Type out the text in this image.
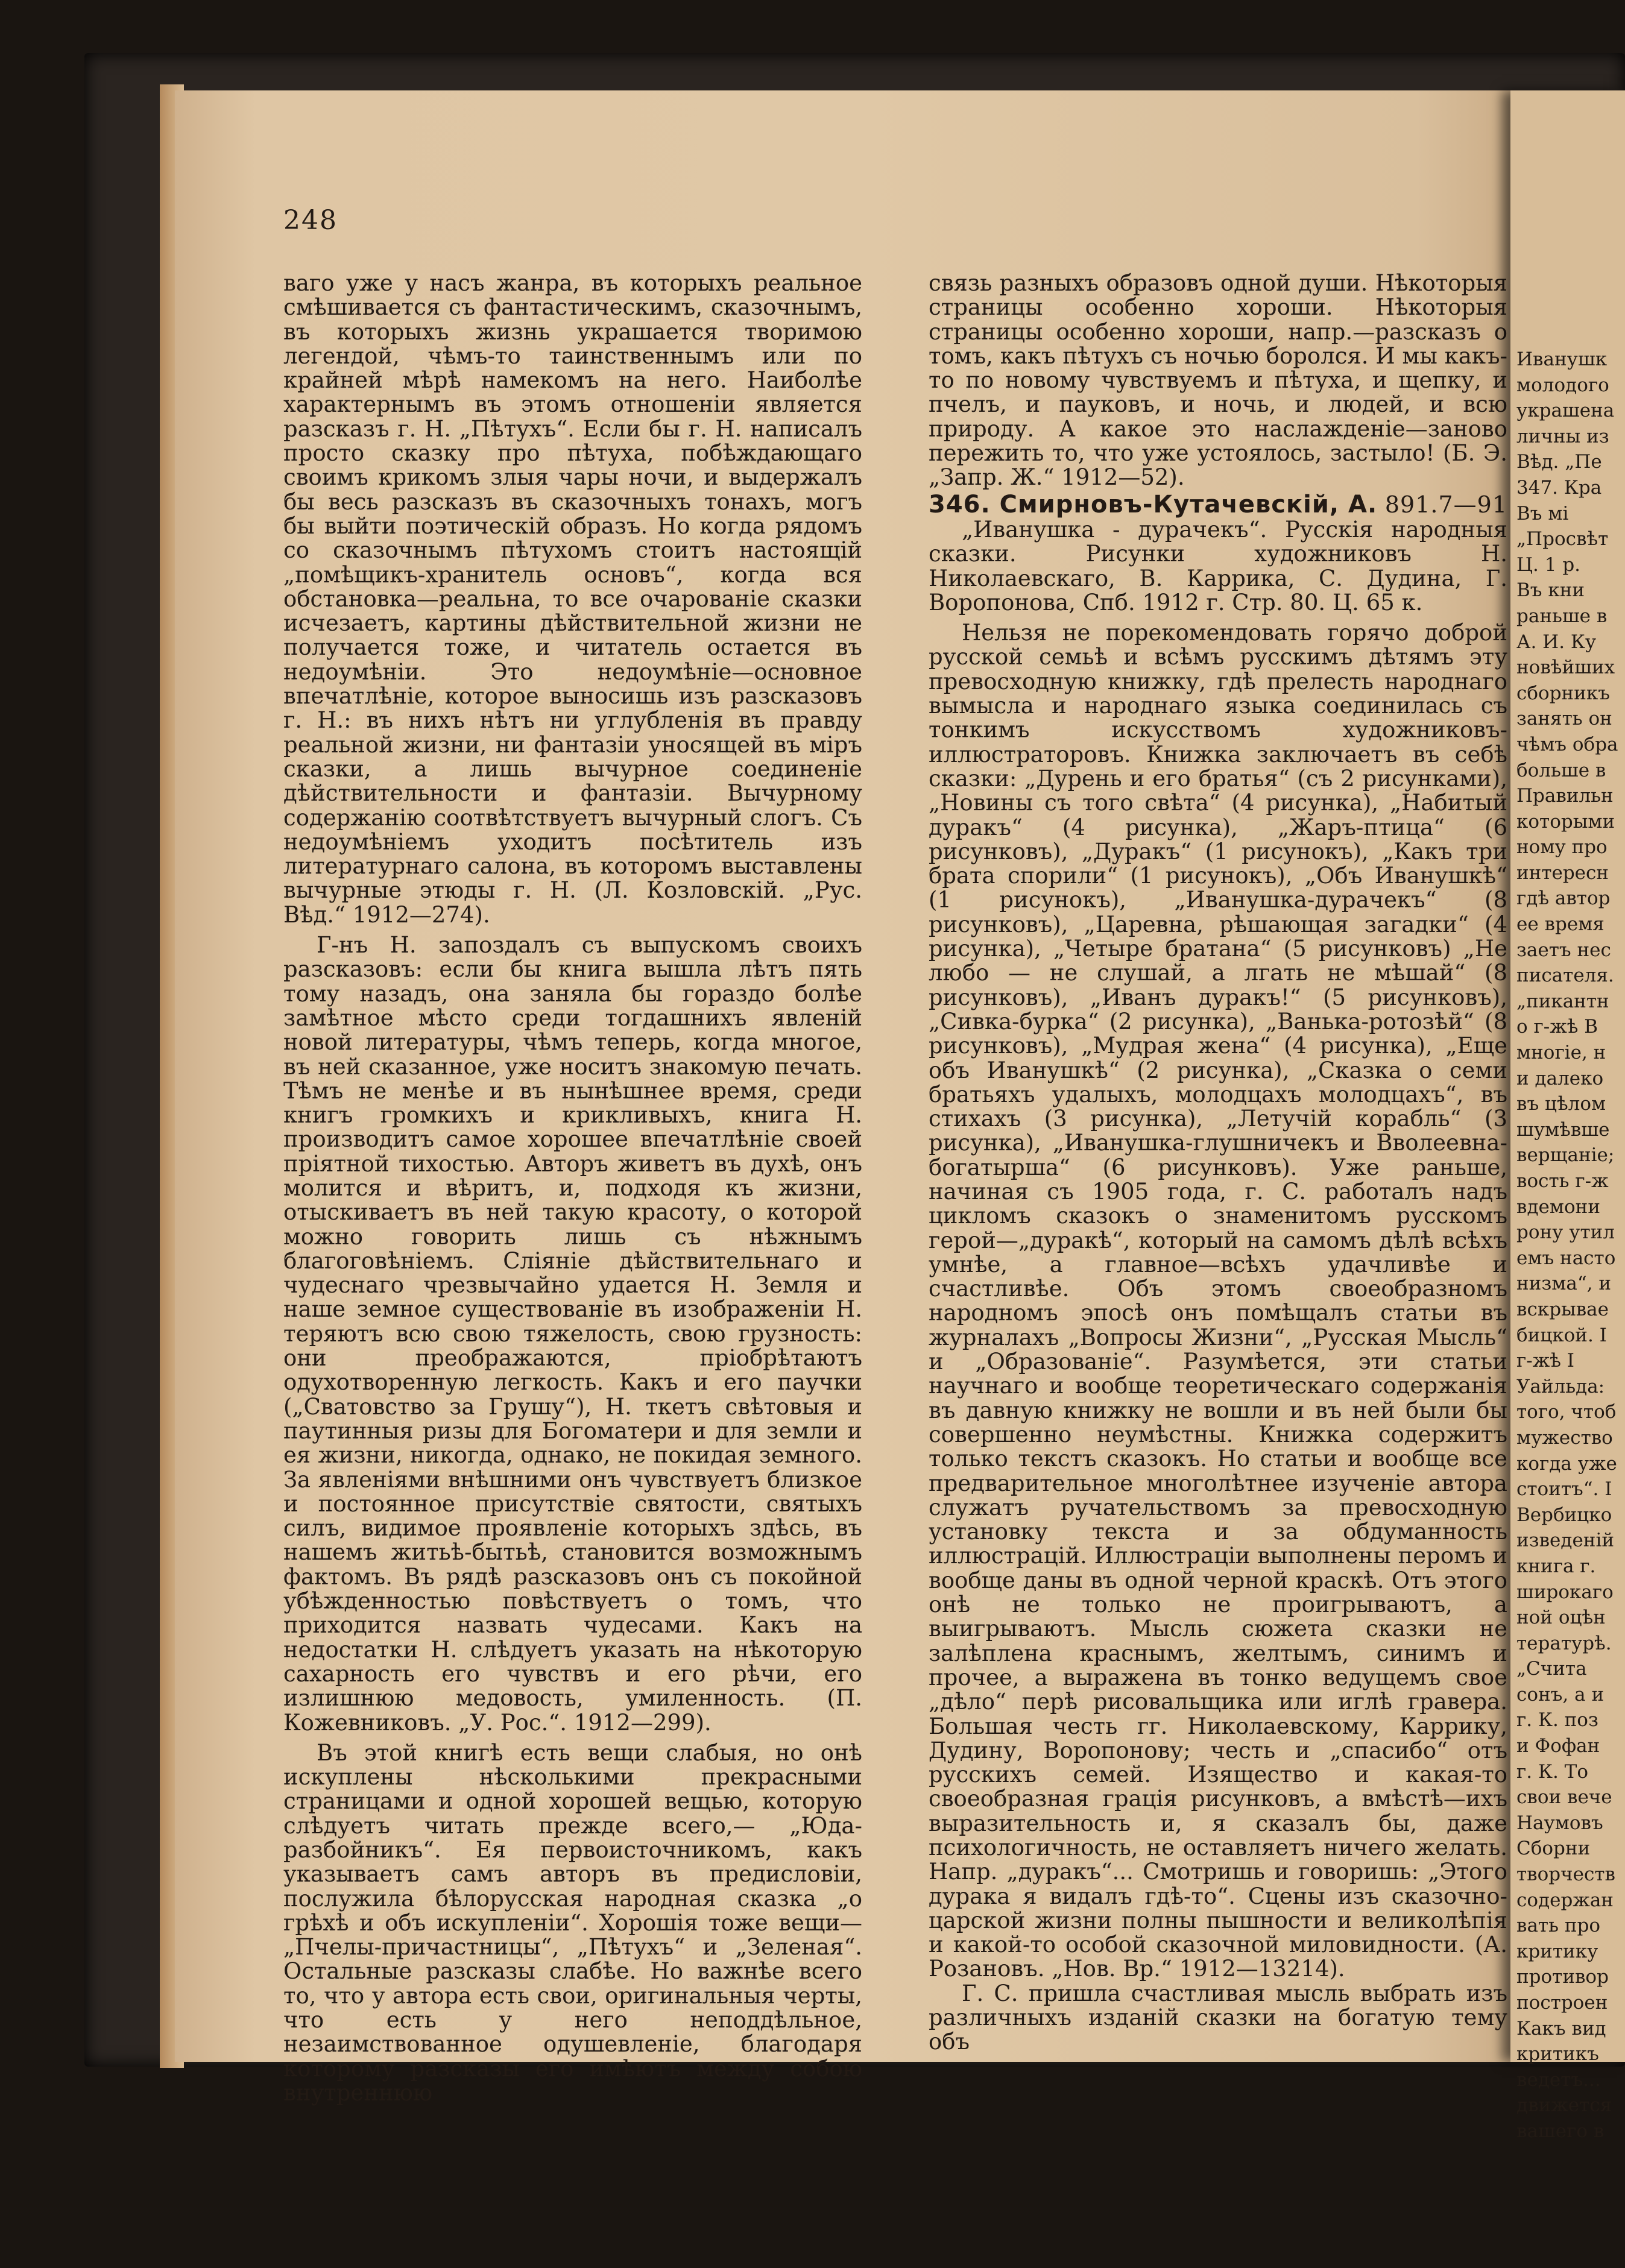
248

ваго уже у насъ жанра, въ которыхъ реальное смѣшивается съ фантастическимъ, сказочнымъ, въ которыхъ жизнь украшается творимою легендой, чѣмъ-то таинственнымъ или по крайней мѣрѣ намекомъ на него. Наиболѣе характернымъ въ этомъ отношеніи является разсказъ г. Н. „Пѣтухъ“. Если бы г. Н. написалъ просто сказку про пѣтуха, побѣждающаго своимъ крикомъ злыя чары ночи, и выдержалъ бы весь разсказъ въ сказочныхъ тонахъ, могъ бы выйти поэтическій образъ. Но когда рядомъ со сказочнымъ пѣтухомъ стоитъ настоящій „помѣщикъ-хранитель основъ“, когда вся обстановка—реальна, то все очарованіе сказки исчезаетъ, картины дѣйствительной жизни не получается тоже, и читатель остается въ недоумѣніи. Это недоумѣніе—основное впечатлѣніе, которое выносишь изъ разсказовъ г. Н.: въ нихъ нѣтъ ни углубленія въ правду реальной жизни, ни фантазіи уносящей въ міръ сказки, а лишь вычурное соединеніе дѣйствительности и фантазіи. Вычурному содержанію соотвѣтствуетъ вычурный слогъ. Съ недоумѣніемъ уходитъ посѣтитель изъ литературнаго салона, въ которомъ выставлены вычурные этюды г. Н. (Л. Козловскій. „Рус. Вѣд.“ 1912—274).

Г-нъ Н. запоздалъ съ выпускомъ своихъ разсказовъ: если бы книга вышла лѣтъ пять тому назадъ, она заняла бы гораздо болѣе замѣтное мѣсто среди тогдашнихъ явленій новой литературы, чѣмъ теперь, когда многое, въ ней сказанное, уже носитъ знакомую печать. Тѣмъ не менѣе и въ нынѣшнее время, среди книгъ громкихъ и крикливыхъ, книга Н. производитъ самое хорошее впечатлѣніе своей пріятной тихостью. Авторъ живетъ въ духѣ, онъ молится и вѣритъ, и, подходя къ жизни, отыскиваетъ въ ней такую красоту, о которой можно говорить лишь съ нѣжнымъ благоговѣніемъ. Сліяніе дѣйствительнаго и чудеснаго чрезвычайно удается Н. Земля и наше земное существованіе въ изображеніи Н. теряютъ всю свою тяжелость, свою грузность: они преображаются, пріобрѣтаютъ одухотворенную легкость. Какъ и его паучки („Сватовство за Грушу“), Н. ткетъ свѣтовыя и паутинныя ризы для Богоматери и для земли и ея жизни, никогда, однако, не покидая земного. За явленіями внѣшними онъ чувствуетъ близкое и постоянное присутствіе святости, святыхъ силъ, видимое проявленіе которыхъ здѣсь, въ нашемъ житьѣ-бытьѣ, становится возможнымъ фактомъ. Въ рядѣ разсказовъ онъ съ покойной убѣжденностью повѣствуетъ о томъ, что приходится назвать чудесами. Какъ на недостатки Н. слѣдуетъ указать на нѣкоторую сахарность его чувствъ и его рѣчи, его излишнюю медовость, умиленность. (П. Кожевниковъ. „У. Рос.“. 1912—299).

Въ этой книгѣ есть вещи слабыя, но онѣ искуплены нѣсколькими прекрасными страницами и одной хорошей вещью, которую слѣдуетъ читать прежде всего,— „Юда-разбойникъ“. Ея первоисточникомъ, какъ указываетъ самъ авторъ въ предисловіи, послужила бѣлорусская народная сказка „о грѣхѣ и объ искупленіи“. Хорошія тоже вещи—„Пчелы-причастницы“, „Пѣтухъ“ и „Зеленая“. Остальные разсказы слабѣе. Но важнѣе всего то, что у автора есть свои, оригинальныя черты, что есть у него неподдѣльное, незаимствованное одушевленіе, благодаря которому разсказы его имѣютъ между собою внутреннюю

связь разныхъ образовъ одной души. Нѣкоторыя страницы особенно хороши. Нѣкоторыя страницы особенно хороши, напр.—разсказъ о томъ, какъ пѣтухъ съ ночью боролся. И мы какъ-то по новому чувствуемъ и пѣтуха, и щепку, и пчелъ, и пауковъ, и ночь, и людей, и всю природу. А какое это наслажденіе—заново пережить то, что уже устоялось, застыло! (Б. Э. „Запр. Ж.“ 1912—52).

346. Смирновъ-Кутачевскій, А. 891.7—91

„Иванушка - дурачекъ“. Русскія народныя сказки. Рисунки художниковъ Н. Николаевскаго, В. Каррика, С. Дудина, Г. Воропонова, Спб. 1912 г. Стр. 80. Ц. 65 к.

Нельзя не порекомендовать горячо доброй русской семьѣ и всѣмъ русскимъ дѣтямъ эту превосходную книжку, гдѣ прелесть народнаго вымысла и народнаго языка соединилась съ тонкимъ искусствомъ художниковъ-иллюстраторовъ. Книжка заключаетъ въ себѣ сказки: „Дурень и его братья“ (съ 2 рисунками), „Новины съ того свѣта“ (4 рисунка), „Набитый дуракъ“ (4 рисунка), „Жаръ-птица“ (6 рисунковъ), „Дуракъ“ (1 рисунокъ), „Какъ три брата спорили“ (1 рисунокъ), „Объ Иванушкѣ“ (1 рисунокъ), „Иванушка-дурачекъ“ (8 рисунковъ), „Царевна, рѣшающая загадки“ (4 рисунка), „Четыре братана“ (5 рисунковъ) „Не любо — не слушай, а лгать не мѣшай“ (8 рисунковъ), „Иванъ дуракъ!“ (5 рисунковъ), „Сивка-бурка“ (2 рисунка), „Ванька-ротозѣй“ (8 рисунковъ), „Мудрая жена“ (4 рисунка), „Еще объ Иванушкѣ“ (2 рисунка), „Сказка о семи братьяхъ удалыхъ, молодцахъ молодцахъ“, въ стихахъ (3 рисунка), „Летучій корабль“ (3 рисунка), „Иванушка-глушничекъ и Вволеевна-богатырша“ (6 рисунковъ). Уже раньше, начиная съ 1905 года, г. С. работалъ надъ цикломъ сказокъ о знаменитомъ русскомъ герой—„дуракѣ“, который на самомъ дѣлѣ всѣхъ умнѣе, а главное—всѣхъ удачливѣе и счастливѣе. Объ этомъ своеобразномъ народномъ эпосѣ онъ помѣщалъ статьи въ журналахъ „Вопросы Жизни“, „Русская Мысль“ и „Образованіе“. Разумѣется, эти статьи научнаго и вообще теоретическаго содержанія въ давную книжку не вошли и въ ней были бы совершенно неумѣстны. Книжка содержитъ только текстъ сказокъ. Но статьи и вообще все предварительное многолѣтнее изученіе автора служатъ ручательствомъ за превосходную установку текста и за обдуманность иллюстрацій. Иллюстраціи выполнены перомъ и вообще даны въ одной черной краскѣ. Отъ этого онѣ не только не проигрываютъ, а выигрываютъ. Мысль сюжета сказки не залѣплена краснымъ, желтымъ, синимъ и прочее, а выражена въ тонко ведущемъ свое „дѣло“ перѣ рисовальщика или иглѣ гравера. Большая честь гг. Николаевскому, Каррику, Дудину, Воропонову; честь и „спасибо“ отъ русскихъ семей. Изящество и какая-то своеобразная грація рисунковъ, а вмѣстѣ—ихъ выразительность и, я сказалъ бы, даже психологичность, не оставляетъ ничего желать. Напр. „дуракъ“... Смотришь и говоришь: „Этого дурака я видалъ гдѣ-то“. Сцены изъ сказочно-царской жизни полны пышности и великолѣпія и какой-то особой сказочной миловидности. (А. Розановъ. „Нов. Вр.“ 1912—13214).

Г. С. пришла счастливая мысль выбрать изъ различныхъ изданій сказки на богатую тему объ

Иванушк
молодого
украшена
личны из
Вѣд. „Пе
347. Кра
Въ мі
„Просвѣт
Ц. 1 р.
Въ кни
раньше в
А. И. Ку
новѣйших
сборникъ
занять он
чѣмъ обра
больше в
Правильн
которыми
ному про
интересн
гдѣ автор
ее время
заетъ нес
писателя.
„пикантн
о г-жѣ В
многіе, н
и далеко
въ цѣлом
шумѣвше
верщаніе;
вость г-ж
вдемони
рону утил
емъ насто
низма“, и
вскрывае
бицкой. І
г-жѣ І
Уайльда:
того, чтоб
мужество
когда уже
стоитъ“. І
Вербицко
изведеній
книга г.
широкаго
ной оцѣн
тературѣ.
„Счита
сонъ, а и
г. К. поз
и Фофан
г. К. То
свои вече
Наумовъ
Сборни
творчеств
содержан
вать про
критику
противор
построен
Какъ вид
критикъ
ведетъ...
движется
вашего в
